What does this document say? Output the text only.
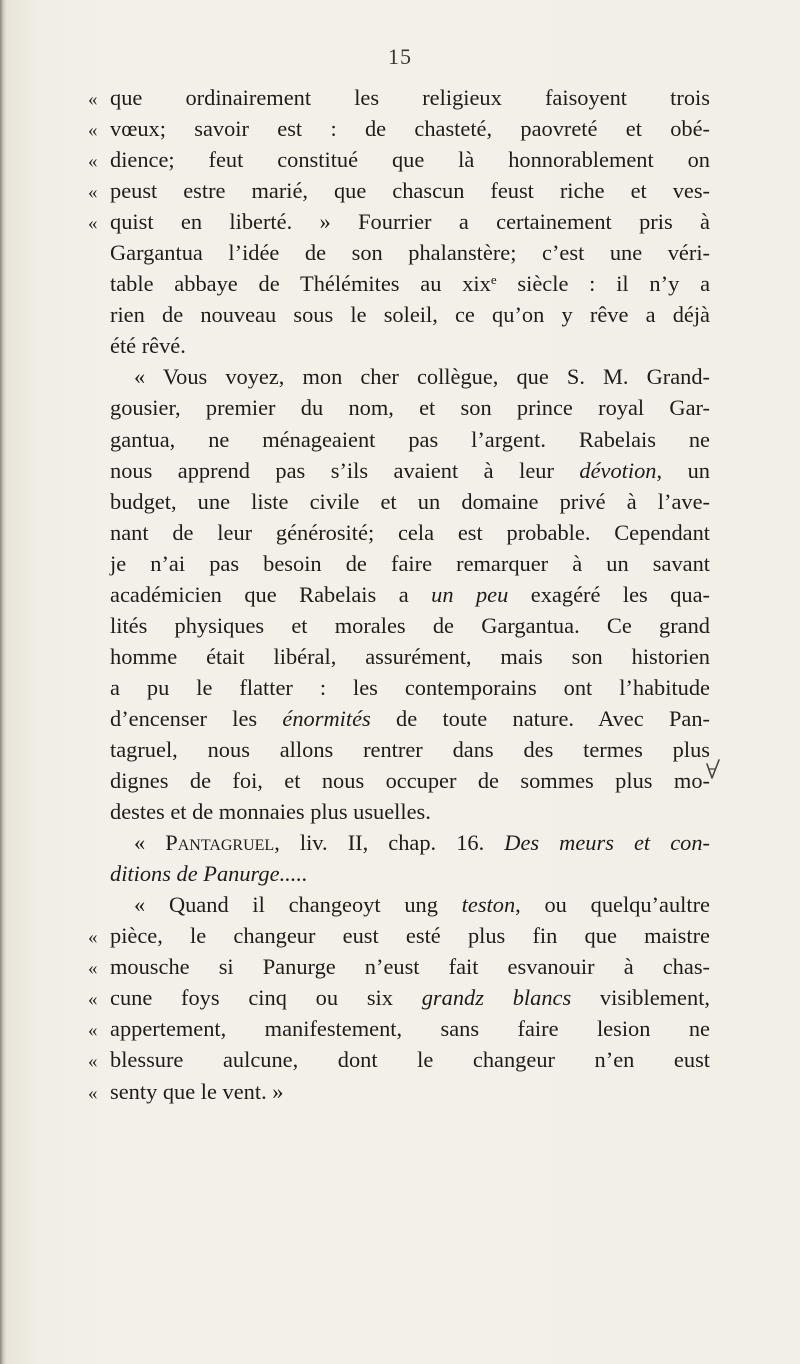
15
«que ordinairement les religieux faisoyent trois
«vœux; savoir est : de chasteté, paovreté et obé-
«dience; feut constitué que là honnorablement on
«peust estre marié, que chascun feust riche et ves-
«quist en liberté. » Fourrier a certainement pris à
Gargantua l’idée de son phalanstère; c’est une véri-
table abbaye de Thélémites au xix$^e$ siècle : il n’y a
rien de nouveau sous le soleil, ce qu’on y rêve a déjà
été rêvé.
« Vous voyez, mon cher collègue, que S. M. Grand-
gousier, premier du nom, et son prince royal Gar-
gantua, ne ménageaient pas l’argent. Rabelais ne
nous apprend pas s’ils avaient à leur dévotion, un
budget, une liste civile et un domaine privé à l’ave-
nant de leur générosité; cela est probable. Cependant
je n’ai pas besoin de faire remarquer à un savant
académicien que Rabelais a un peu exagéré les qua-
lités physiques et morales de Gargantua. Ce grand
homme était libéral, assurément, mais son historien
a pu le flatter : les contemporains ont l’habitude
d’encenser les énormités de toute nature. Avec Pan-
tagruel, nous allons rentrer dans des termes plus
dignes de foi, et nous occuper de sommes plus mo-
destes et de monnaies plus usuelles.
« Pantagruel, liv. II, chap. 16. Des meurs et con-
ditions de Panurge.....
« Quand il changeoyt ung teston, ou quelqu’aultre
«pièce, le changeur eust esté plus fin que maistre
«mousche si Panurge n’eust fait esvanouir à chas-
«cune foys cinq ou six grandz blancs visiblement,
«appertement, manifestement, sans faire lesion ne
«blessure aulcune, dont le changeur n’en eust
«senty que le vent. »
